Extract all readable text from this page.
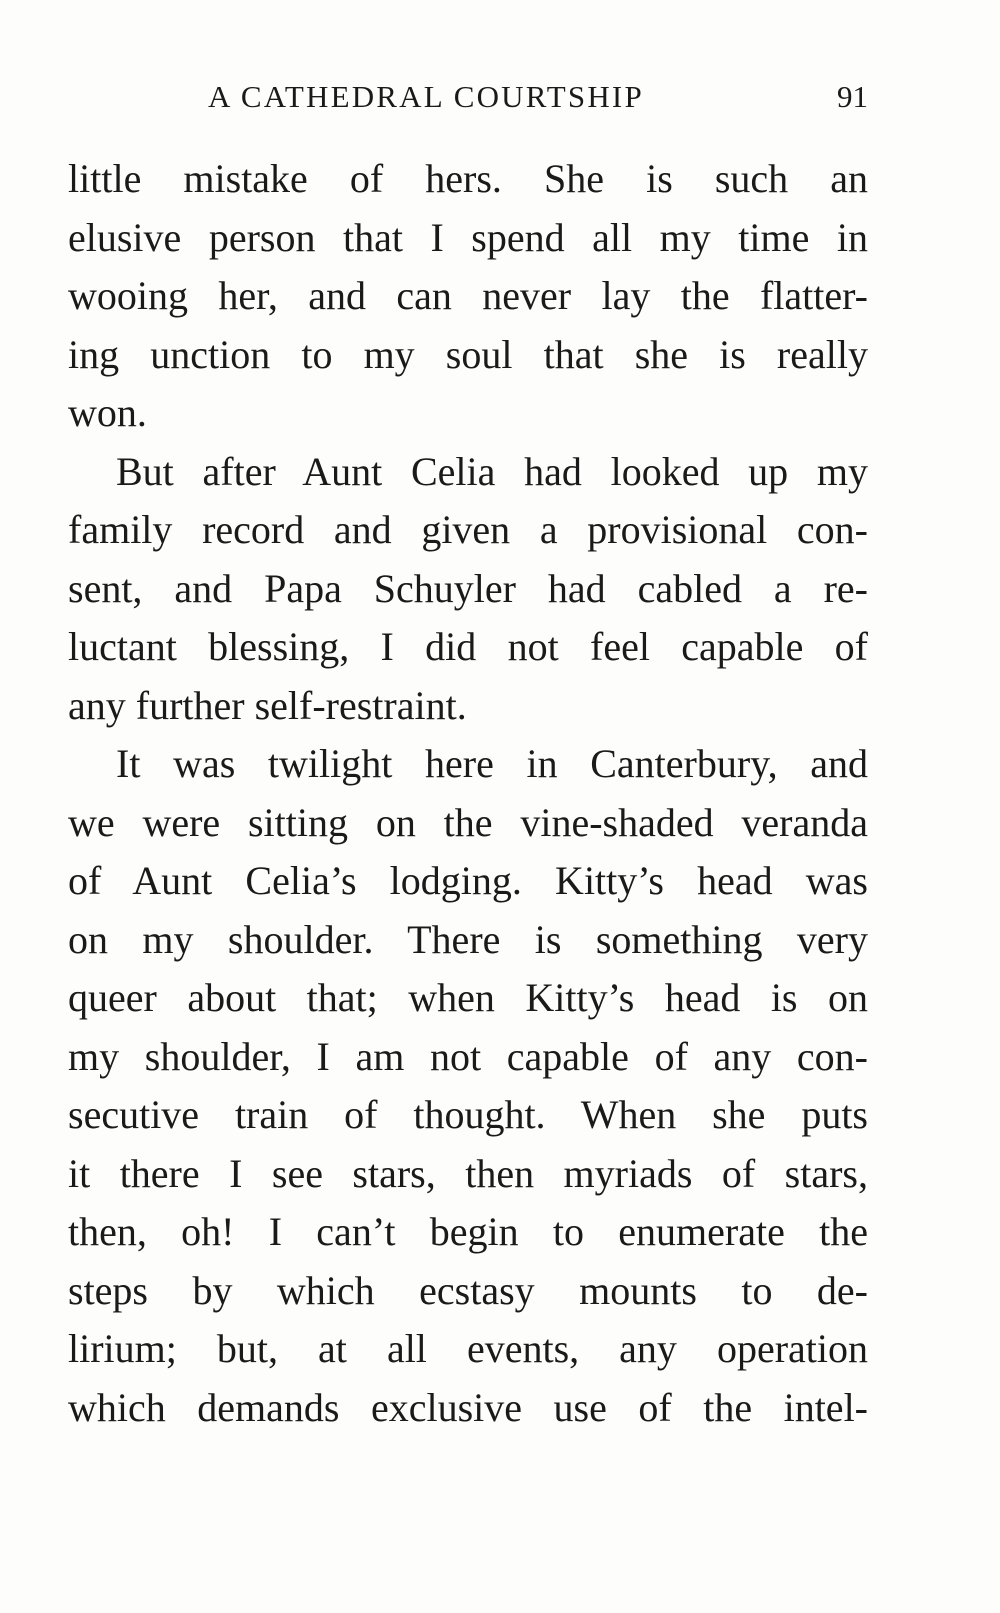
A CATHEDRAL COURTSHIP	91
little mistake of hers. She is such an
elusive person that I spend all my time in
wooing her, and can never lay the flatter-
ing unction to my soul that she is really
won.
But after Aunt Celia had looked up my
family record and given a provisional con-
sent, and Papa Schuyler had cabled a re-
luctant blessing, I did not feel capable of
any further self-restraint.
It was twilight here in Canterbury, and
we were sitting on the vine-shaded veranda
of Aunt Celia’s lodging. Kitty’s head was
on my shoulder. There is something very
queer about that; when Kitty’s head is on
my shoulder, I am not capable of any con-
secutive train of thought. When she puts
it there I see stars, then myriads of stars,
then, oh! I can’t begin to enumerate the
steps by which ecstasy mounts to de-
lirium; but, at all events, any operation
which demands exclusive use of the intel-
